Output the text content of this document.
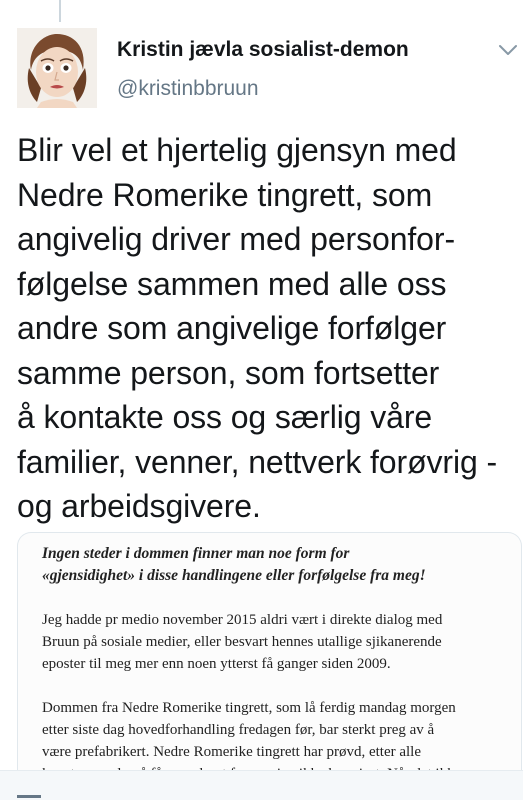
Kristin jævla sosialist-demon
@kristinbbruun
Blir vel et hjertelig gjensyn med
Nedre Romerike tingrett, som
angivelig driver med personfor-
følgelse sammen med alle oss
andre som angivelige forfølger
samme person, som fortsetter
å kontakte oss og særlig våre
familier, venner, nettverk forøvrig -
og arbeidsgivere.
Ingen steder i dommen finner man noe form for
«gjensidighet» i disse handlingene eller forfølgelse fra meg!

Jeg hadde pr medio november 2015 aldri vært i direkte dialog med
Bruun på sosiale medier, eller besvart hennes utallige sjikanerende
eposter til meg mer enn noen ytterst få ganger siden 2009.

Dommen fra Nedre Romerike tingrett, som lå ferdig mandag morgen
etter siste dag hovedforhandling fredagen før, bar sterkt preg av å
være prefabrikert. Nedre Romerike tingrett har prøvd, etter alle
